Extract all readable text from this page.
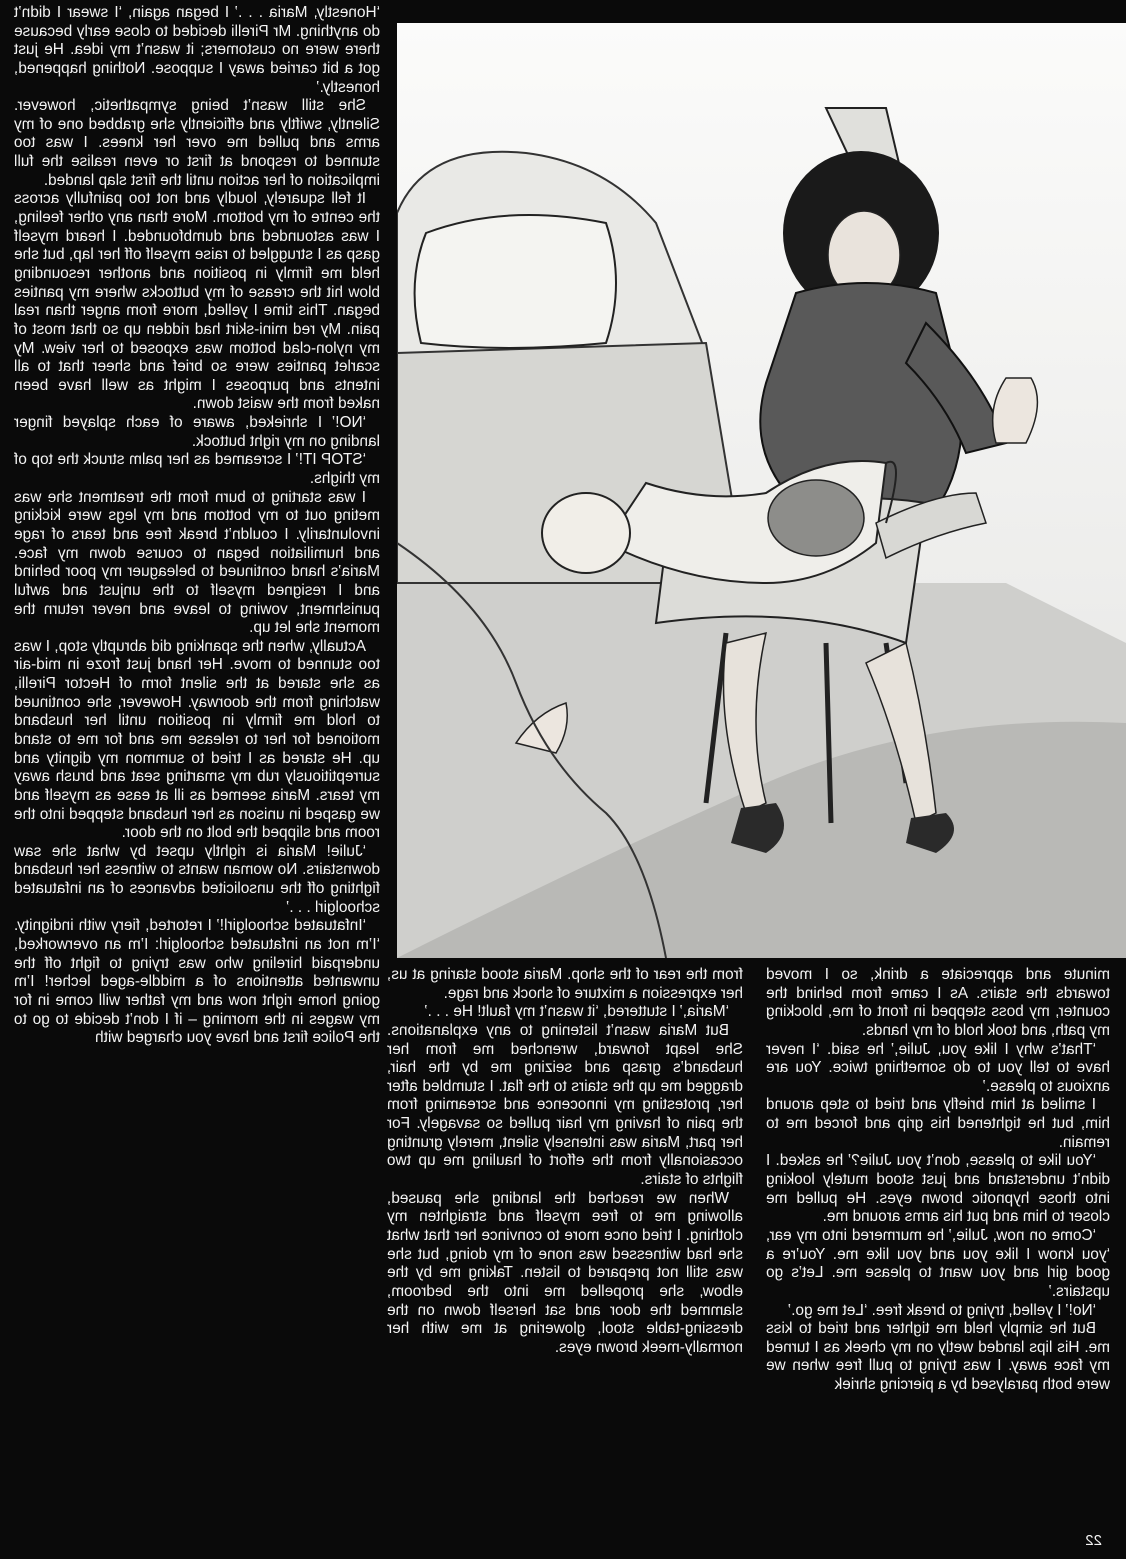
‘Honestly, Maria . . .’ I began again, ‘I swear I didn’t do anything. Mr Pirelli decided to close early because there were no customers; it wasn’t my idea. He just got a bit carried away I suppose. Nothing happened, honestly.’

She still wasn’t being sympathetic, however. Silently, swiftly and efficiently she grabbed one of my arms and pulled me over her knees. I was too stunned to respond at first or even realise the full implication of her action until the first slap landed.

It fell squarely, loudly and not too painfully across the centre of my bottom. More than any other feeling, I was astounded and dumbfounded. I heard myself gasp as I struggled to raise myself off her lap, but she held me firmly in position and another resounding blow hit the crease of my buttocks where my panties began. This time I yelled, more from anger than real pain. My red mini-skirt had ridden up so that most of my nylon-clad bottom was exposed to her view. My scarlet panties were so brief and sheer that to all intents and purposes I might as well have been naked from the waist down.

‘NO!’ I shrieked, aware of each splayed finger landing on my right buttock.

‘STOP IT!’ I screamed as her palm struck the top of my thighs.

I was starting to burn from the treatment she was meting out to my bottom and my legs were kicking involuntarily. I couldn’t break free and tears of rage and humiliation began to course down my face. Maria’s hand continued to beleaguer my poor behind and I resigned myself to the unjust and awful punishment, vowing to leave and never return the moment she let up.

Actually, when the spanking did abruptly stop, I was too stunned to move. Her hand just froze in mid-air as she stared at the silent form of Hector Pirelli, watching from the doorway. However, she continued to hold me firmly in position until her husband motioned for her to release me and for me to stand up. He stared as I tried to summon my dignity and surreptitiously rub my smarting seat and brush away my tears. Maria seemed as ill at ease as myself and we gasped in unison as her husband stepped into the room and slipped the bolt on the door.

‘Julie! Maria is rightly upset by what she saw downstairs. No woman wants to witness her husband fighting off the unsolicited advances of an infatuated schoolgirl . . .’

‘Infatuated schoolgirl!’ I retorted, fiery with indignity. ‘I’m not an infatuated schoolgirl: I’m an overworked, underpaid hireling who was trying to fight off the unwanted attentions of a middle-aged lecher! I’m going home right now and my father will come in for my wages in the morning – if I don’t decide to go to the Police first and have you charged with

minute and appreciate a drink, so I moved towards the stairs. As I came from behind the counter, my boss stepped in front of me, blocking my path, and took hold of my hands.

‘That’s why I like you, Julie,’ he said. ‘I never have to tell you to do something twice. You are anxious to please.’

I smiled at him briefly and tried to step around him, but he tightened his grip and forced me to remain.

‘You like to please, don’t you Julie?’ he asked. I didn’t understand and just stood mutely looking into those hypnotic brown eyes. He pulled me closer to him and put his arms around me.

‘Come on now, Julie,’ he murmered into my ear, ‘you know I like you and you like me. You’re a good girl and you want to please me. Let’s go upstairs.’

‘No!’ I yelled, trying to break free. ‘Let me go.’

But he simply held me tighter and tried to kiss me. His lips landed wetly on my cheek as I turned my face away. I was trying to pull free when we were both paralysed by a piercing shriek

from the rear of the shop. Maria stood staring at us, her expression a mixture of shock and rage.

‘Maria,’ I stuttered, ‘it wasn’t my fault! He . . .’

But Maria wasn’t listening to any explanations. She leapt forward, wrenched me from her husband’s grasp and seizing me by the hair, dragged me up the stairs to the flat. I stumbled after her, protesting my innocence and screaming from the pain of having my hair pulled so savagely. For her part, Maria was intensely silent, merely grunting occasionally from the effort of hauling me up two flights of stairs.

When we reached the landing she paused, allowing me to free myself and straighten my clothing. I tried once more to convince her that what she had witnessed was none of my doing, but she was still not prepared to listen. Taking me by the elbow, she propelled me into the bedroom, slammed the door and sat herself down on the dressing-table stool, glowering at me with her normally-meek brown eyes.

22
